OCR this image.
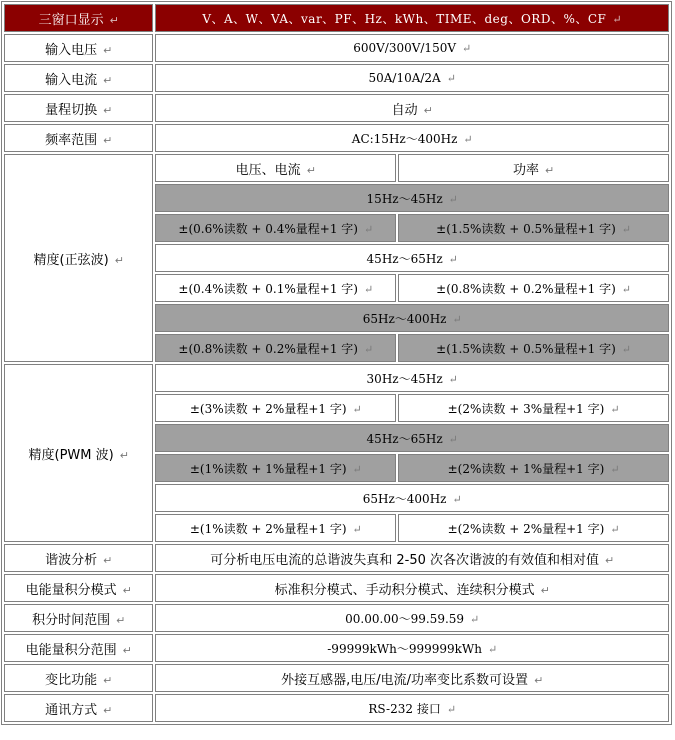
三窗口显示 ↵	V、A、W、VA、var、PF、Hz、kWh、TIME、deg、ORD、%、CF ↵	
输入电压 ↵	600V/300V/150V ↵	
输入电流 ↵	50A/10A/2A ↵	
量程切换 ↵	自动 ↵	
频率范围 ↵	AC:15Hz～400Hz ↵	
精度(正弦波) ↵	电压、电流 ↵	功率 ↵
	15Hz～45Hz ↵	
	±(0.6%读数 + 0.4%量程+1 字) ↵	±(1.5%读数 + 0.5%量程+1 字) ↵
	45Hz～65Hz ↵	
	±(0.4%读数 + 0.1%量程+1 字) ↵	±(0.8%读数 + 0.2%量程+1 字) ↵
	65Hz～400Hz ↵	
	±(0.8%读数 + 0.2%量程+1 字) ↵	±(1.5%读数 + 0.5%量程+1 字) ↵
精度(PWM 波) ↵	30Hz～45Hz ↵	
	±(3%读数 + 2%量程+1 字) ↵	±(2%读数 + 3%量程+1 字) ↵
	45Hz～65Hz ↵	
	±(1%读数 + 1%量程+1 字) ↵	±(2%读数 + 1%量程+1 字) ↵
	65Hz～400Hz ↵	
	±(1%读数 + 2%量程+1 字) ↵	±(2%读数 + 2%量程+1 字) ↵
谐波分析 ↵	可分析电压电流的总谐波失真和 2-50 次各次谐波的有效值和相对值 ↵	
电能量积分模式 ↵	标准积分模式、手动积分模式、连续积分模式 ↵	
积分时间范围 ↵	00.00.00～99.59.59 ↵	
电能量积分范围 ↵	-99999kWh～999999kWh ↵	
变比功能 ↵	外接互感器,电压/电流/功率变比系数可设置 ↵	
通讯方式 ↵	RS-232 接口 ↵	
